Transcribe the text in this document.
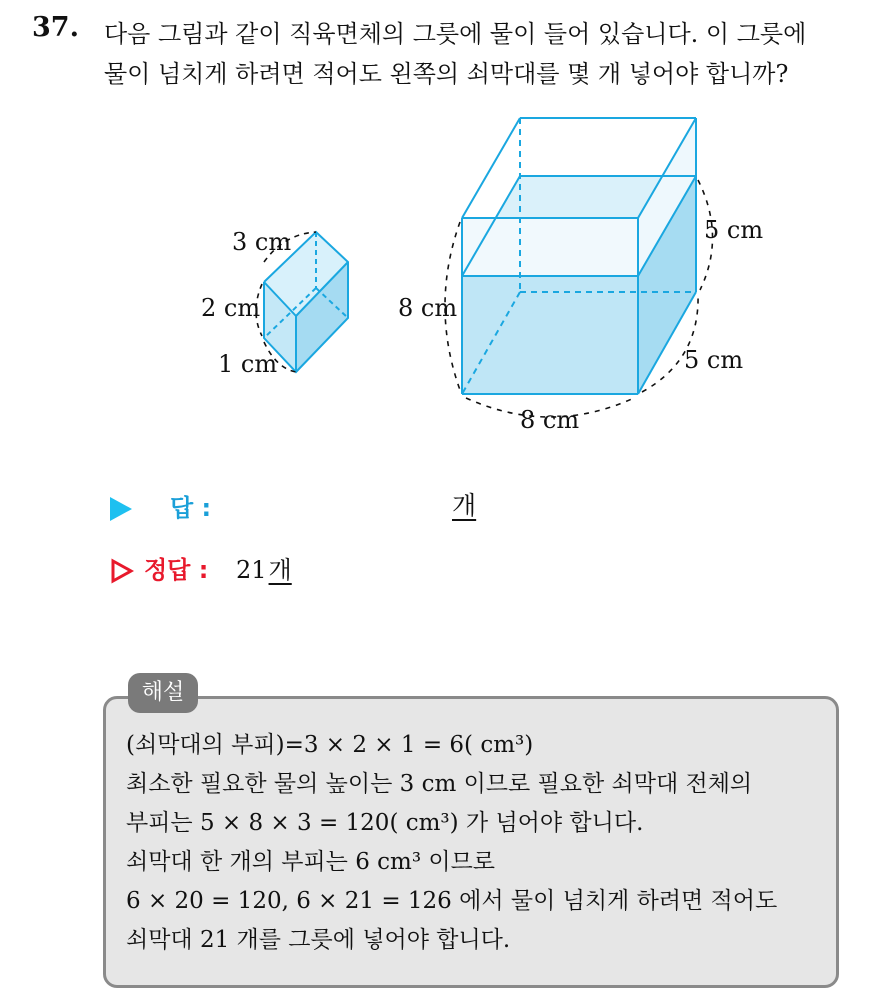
37. 다음 그림과 같이 직육면체의 그릇에 물이 들어 있습니다. 이 그릇에
물이 넘치게 하려면 적어도 왼쪽의 쇠막대를 몇 개 넣어야 합니까?
3 cm
2 cm
1 cm
8 cm
5 cm
5 cm
8 cm
답 :	개
정답 : 21개
해설
(쇠막대의 부피)=3 × 2 × 1 = 6( cm³)
최소한 필요한 물의 높이는 3 cm 이므로 필요한 쇠막대 전체의
부피는 5 × 8 × 3 = 120( cm³) 가 넘어야 합니다.
쇠막대 한 개의 부피는 6 cm³ 이므로
6 × 20 = 120, 6 × 21 = 126 에서 물이 넘치게 하려면 적어도
쇠막대 21 개를 그릇에 넣어야 합니다.
